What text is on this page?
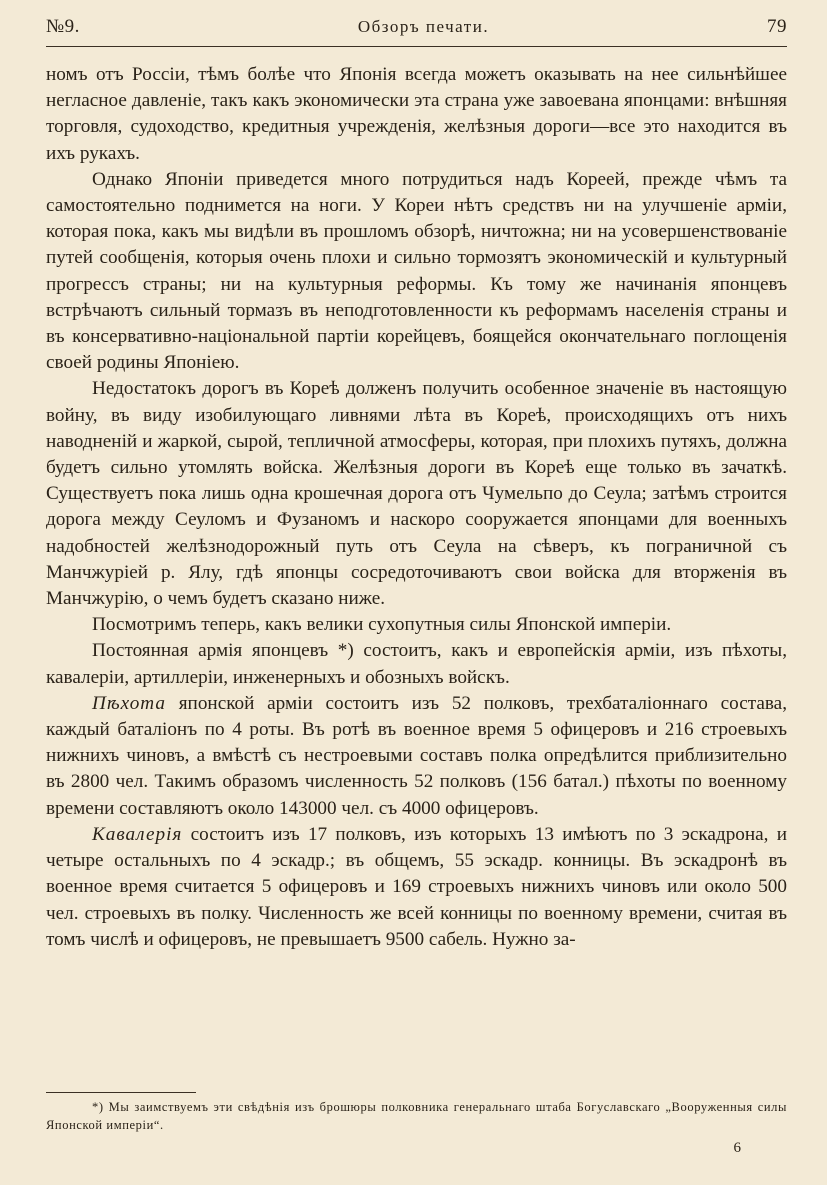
№9.	Обзоръ печати.	79

номъ отъ Россіи, тѣмъ болѣе что Японія всегда можетъ оказывать на нее сильнѣйшее негласное давленіе, такъ какъ экономически эта страна уже завоевана японцами: внѣшняя торговля, судоходство, кредитныя учрежденія, желѣзныя дороги—все это находится въ ихъ рукахъ.

Однако Японіи приведется много потрудиться надъ Кореей, прежде чѣмъ та самостоятельно поднимется на ноги. У Кореи нѣтъ средствъ ни на улучшеніе арміи, которая пока, какъ мы видѣли въ прошломъ обзорѣ, ничтожна; ни на усовершенствованіе путей сообщенія, которыя очень плохи и сильно тормозятъ экономическій и культурный прогрессъ страны; ни на культурныя реформы. Къ тому же начинанія японцевъ встрѣчаютъ сильный тормазъ въ неподготовленности къ реформамъ населенія страны и въ консервативно-національной партіи корейцевъ, боящейся окончательнаго поглощенія своей родины Японіею.

Недостатокъ дорогъ въ Кореѣ долженъ получить особенное значеніе въ настоящую войну, въ виду изобилующаго ливнями лѣта въ Кореѣ, происходящихъ отъ нихъ наводненій и жаркой, сырой, тепличной атмосферы, которая, при плохихъ путяхъ, должна будетъ сильно утомлять войска. Желѣзныя дороги въ Кореѣ еще только въ зачаткѣ. Существуетъ пока лишь одна крошечная дорога отъ Чумельпо до Сеула; затѣмъ строится дорога между Сеуломъ и Фузаномъ и наскоро сооружается японцами для военныхъ надобностей желѣзнодорожный путь отъ Сеула на сѣверъ, къ пограничной съ Манчжуріей р. Ялу, гдѣ японцы сосредоточиваютъ свои войска для вторженія въ Манчжурію, о чемъ будетъ сказано ниже.

Посмотримъ теперь, какъ велики сухопутныя силы Японской имперіи.

Постоянная армія японцевъ *) состоитъ, какъ и европейскія арміи, изъ пѣхоты, кавалеріи, артиллеріи, инженерныхъ и обозныхъ войскъ.

Пѣхота японской арміи состоитъ изъ 52 полковъ, трехбаталіоннаго состава, каждый баталіонъ по 4 роты. Въ ротѣ въ военное время 5 офицеровъ и 216 строевыхъ нижнихъ чиновъ, а вмѣстѣ съ нестроевыми составъ полка опредѣлится приблизительно въ 2800 чел. Такимъ образомъ численность 52 полковъ (156 батал.) пѣхоты по военному времени составляютъ около 143000 чел. съ 4000 офицеровъ.

Кавалерія состоитъ изъ 17 полковъ, изъ которыхъ 13 имѣютъ по 3 эскадрона, и четыре остальныхъ по 4 эскадр.; въ общемъ, 55 эскадр. конницы. Въ эскадронѣ въ военное время считается 5 офицеровъ и 169 строевыхъ нижнихъ чиновъ или около 500 чел. строевыхъ въ полку. Численность же всей конницы по военному времени, считая въ томъ числѣ и офицеровъ, не превышаетъ 9500 сабель. Нужно за-

*) Мы заимствуемъ эти свѣдѣнія изъ брошюры полковника генеральнаго штаба Богуславскаго „Вооруженныя силы Японской имперіи“.
6
